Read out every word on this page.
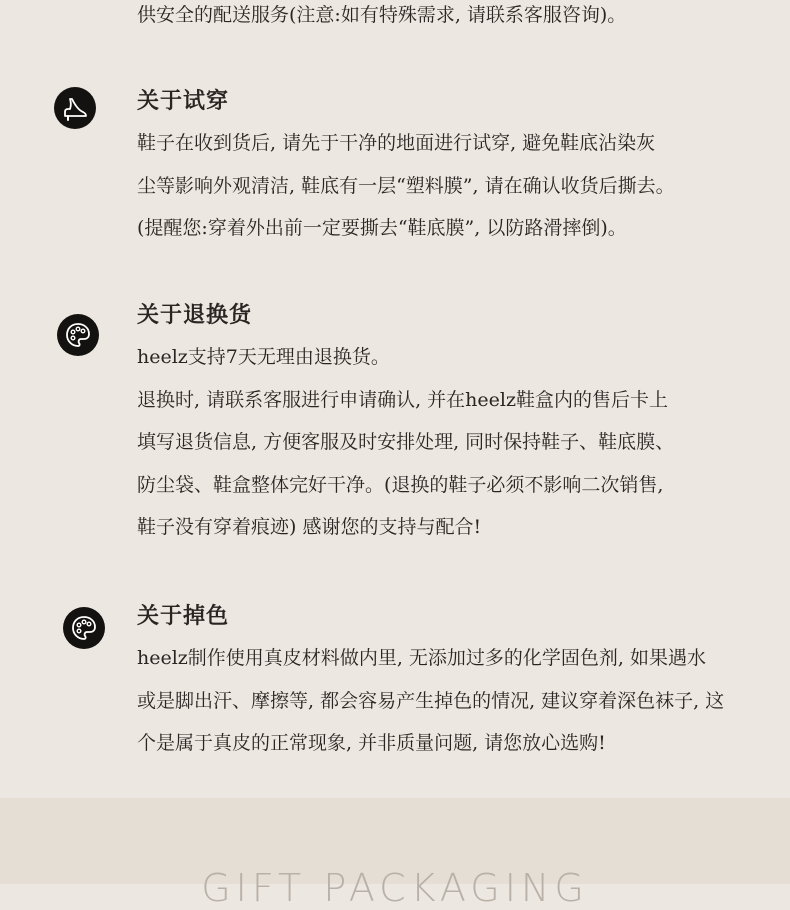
供安全的配送服务(注意:如有特殊需求, 请联系客服咨询)。
关于试穿

鞋子在收到货后, 请先于干净的地面进行试穿, 避免鞋底沾染灰

尘等影响外观清洁, 鞋底有一层“塑料膜”, 请在确认收货后撕去。

(提醒您:穿着外出前一定要撕去“鞋底膜”, 以防路滑摔倒)。

关于退换货

heelz支持7天无理由退换货。

退换时, 请联系客服进行申请确认, 并在heelz鞋盒内的售后卡上

填写退货信息, 方便客服及时安排处理, 同时保持鞋子、鞋底膜、

防尘袋、鞋盒整体完好干净。(退换的鞋子必须不影响二次销售,

鞋子没有穿着痕迹) 感谢您的支持与配合!

关于掉色

heelz制作使用真皮材料做内里, 无添加过多的化学固色剂, 如果遇水

或是脚出汗、摩擦等, 都会容易产生掉色的情况, 建议穿着深色袜子, 这

个是属于真皮的正常现象, 并非质量问题, 请您放心选购!

GIFT PACKAGING
